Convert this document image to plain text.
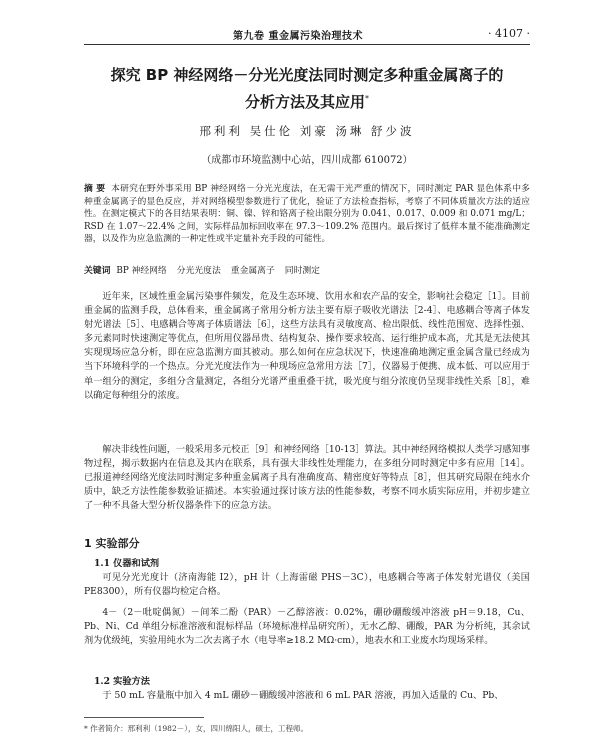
第九卷 重金属污染治理技术	· 4107 ·
探究 BP 神经网络－分光光度法同时测定多种重金属离子的
分析方法及其应用*

邢利利 吴仕伦 刘豪 汤琳 舒少波

（成都市环境监测中心站，四川成都 610072）

摘 要 本研究在野外事采用 BP 神经网络－分光光度法，在无需干光严重的情况下，同时测定 PAR 显色体系中多种重金属离子的显色反应，并对网络模型参数进行了优化，验证了方法检查指标，考察了不同体质量次方法的适应性。在测定模式下的各目结果表明：铜、镍、锌和铬离子检出限分别为 0.041、0.017、0.009 和 0.071 mg/L；RSD 在 1.07～22.4% 之间，实际样品加标回收率在 97.3～109.2% 范围内。最后探讨了低样本量不能准确测定器，以及作为应急监测的一种定性或半定量补充手段的可能性。

关键词 BP 神经网络 分光光度法 重金属离子 同时测定

近年来，区域性重金属污染事件频发，危及生态环境、饮用水和农产品的安全，影响社会稳定［1］。目前重金属的监测手段，总体看来，重金属离子常用分析方法主要有原子吸收光谱法［2-4］、电感耦合等离子体发射光谱法［5］、电感耦合等离子体质谱法［6］，这些方法具有灵敏度高、检出限低、线性范围宽、选择性强、多元素同时快速测定等优点，但所用仪器昂贵、结构复杂、操作要求较高、运行维护成本高，尤其是无法使其实现现场应急分析，即在应急监测方面其被动。那么如何在应急状况下，快速准确地测定重金属含量已经成为当下环境科学的一个热点。分光光度法作为一种现场应急常用方法［7］，仪器易于便携、成本低、可以应用于单一组分的测定，多组分含量测定，各组分光谱严重重叠干扰，吸光度与组分浓度仍呈现非线性关系［8］，难以确定每种组分的浓度。

解决非线性问题，一般采用多元校正［9］和神经网络［10-13］算法。其中神经网络模拟人类学习感知事物过程，揭示数据内在信息及其内在联系，具有强大非线性处理能力，在多组分同时测定中多有应用［14］。已报道神经网络光度法同时测定多种重金属离子具有准确度高、精密度好等特点［8］，但其研究局限在纯水介质中，缺乏方法性能参数验证描述。本实验通过探讨该方法的性能参数，考察不同水质实际应用，并初步建立了一种不具备大型分析仪器条件下的应急方法。

1 实验部分
1.1 仪器和试剂

可见分光光度计（济南海能 I2），pH 计（上海雷磁 PHS－3C），电感耦合等离子体发射光谱仪（美国 PE8300），所有仪器均检定合格。

4－（2－吡啶偶氮）－间苯二酚（PAR）－乙醇溶液：0.02%，硼砂硼酸缓冲溶液 pH＝9.18，Cu、Pb、Ni、Cd 单组分标准溶液和混标样品（环境标准样品研究所），无水乙醇、硼酸，PAR 为分析纯，其余试剂为优级纯，实验用纯水为二次去离子水（电导率≥18.2 MΩ·cm），地表水和工业废水均现场采样。

1.2 实验方法

于 50 mL 容量瓶中加入 4 mL 硼砂－硼酸缓冲溶液和 6 mL PAR 溶液，再加入适量的 Cu、Pb、

* 作者简介：邢利利（1982－），女，四川绵阳人，硕士，工程师。
